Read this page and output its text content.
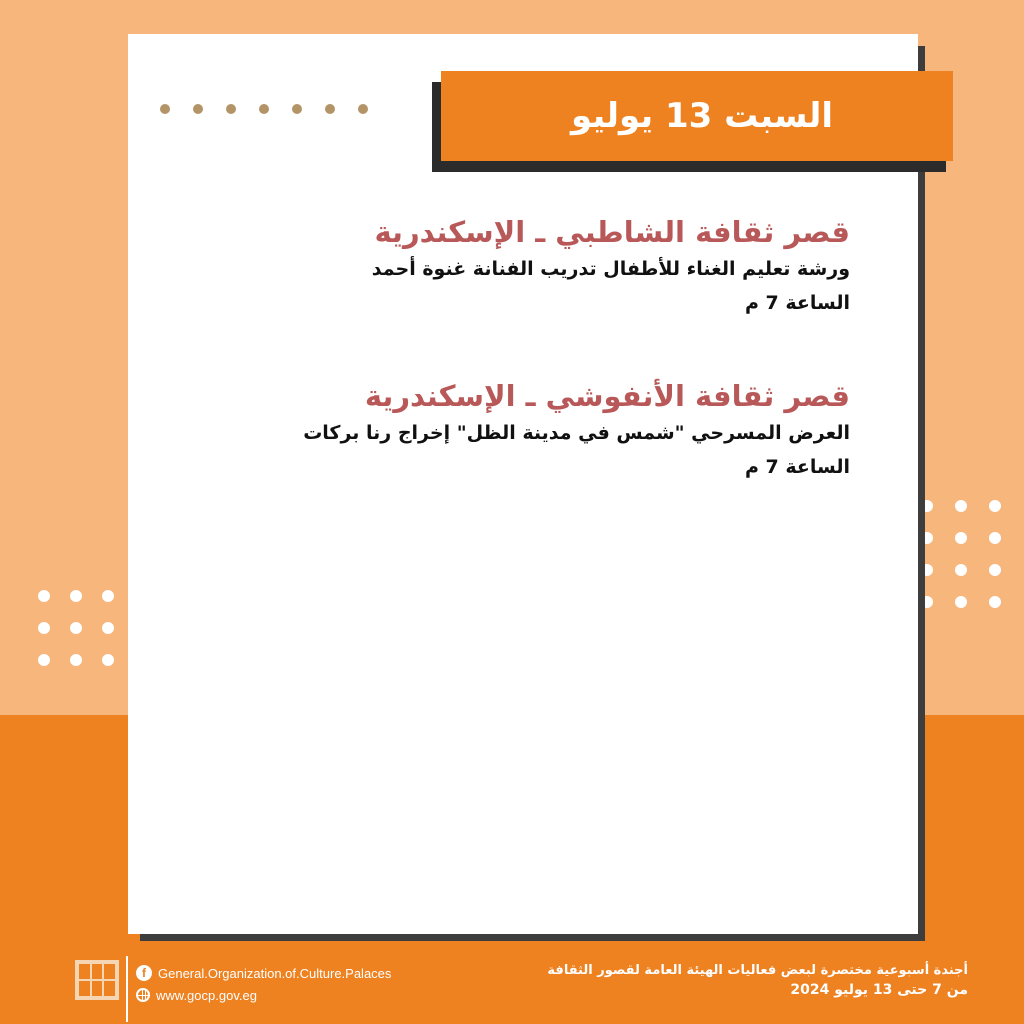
السبت 13 يوليو
قصر ثقافة الشاطبي ـ الإسكندرية
ورشة تعليم الغناء للأطفال تدريب الفنانة غنوة أحمد
الساعة 7 م
قصر ثقافة الأنفوشي ـ الإسكندرية
العرض المسرحي "شمس في مدينة الظل" إخراج رنا بركات
الساعة 7 م
f General.Organization.of.Culture.Palaces
www.gocp.gov.eg
أجندة أسبوعية مختصرة لبعض فعاليات الهيئة العامة لقصور الثقافة
من 7 حتى 13 يوليو 2024
